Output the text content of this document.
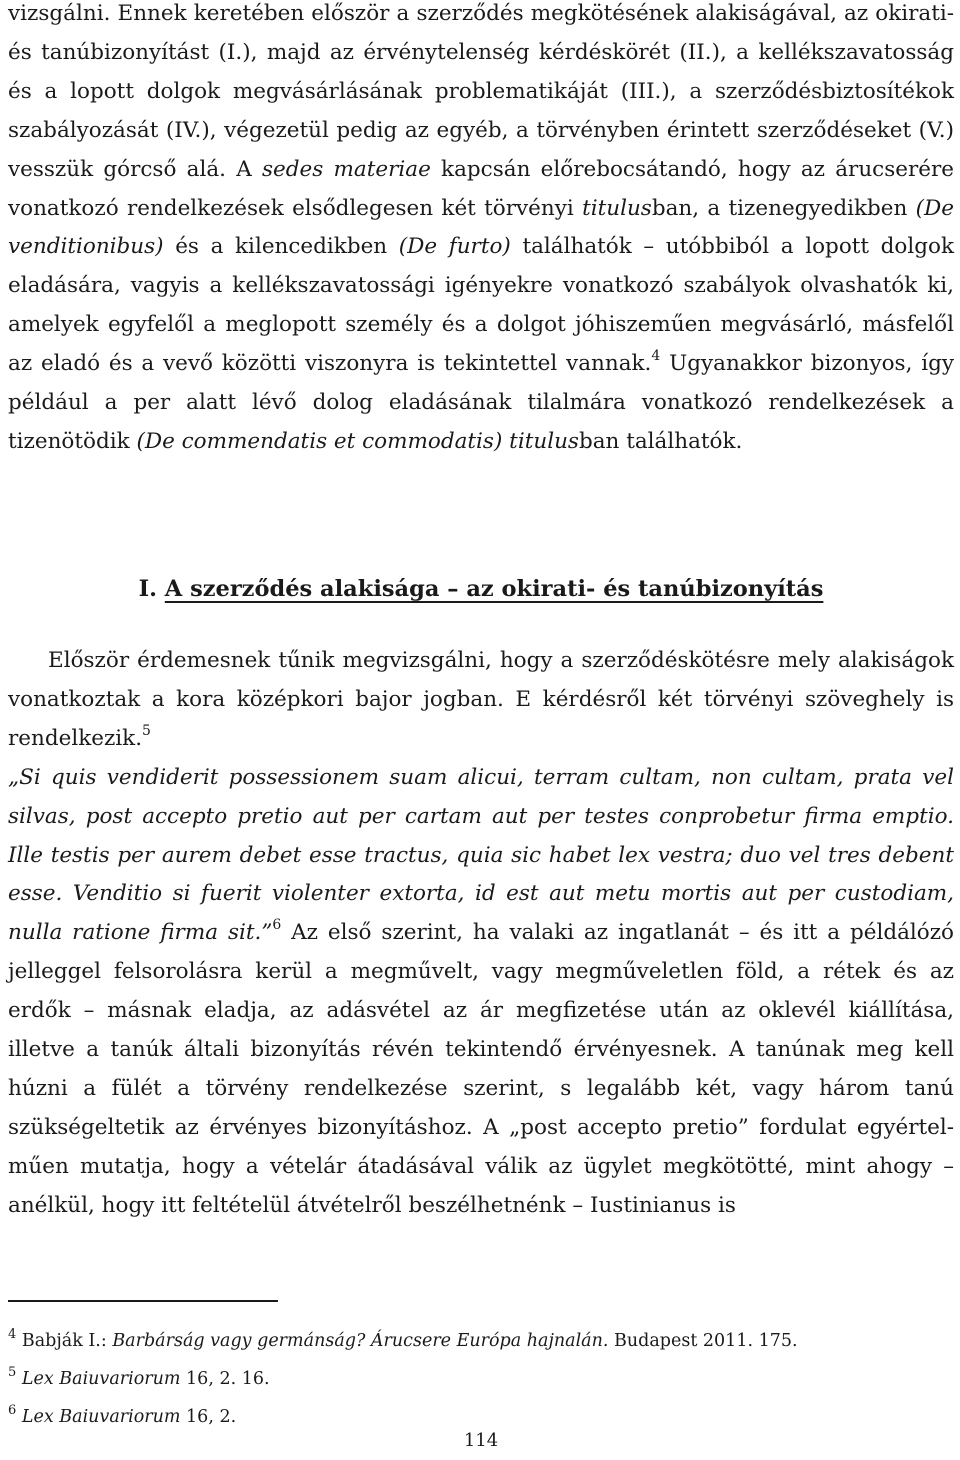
vizsgálni. Ennek keretében először a szerződés megkötésének alakiságával, az okirati- és tanúbizonyítást (I.), majd az érvénytelenség kérdéskörét (II.), a kellékszavatosság és a lopott dolgok megvásárlásának problematikáját (III.), a szerződésbiztosítékok szabályozását (IV.), végezetül pedig az egyéb, a törvényben érintett szerződéseket (V.) vesszük górcső alá. A sedes materiae kapcsán előrebocsátandó, hogy az árucserére vonatkozó rendelkezések elsődlegesen két törvényi titulusban, a tizenegyedikben (De venditionibus) és a kilencedikben (De furto) találhatók – utóbbiból a lopott dolgok eladására, vagyis a kellékszavatossági igényekre vonatkozó szabályok olvashatók ki, amelyek egyfelől a meglopott személy és a dolgot jóhiszeműen megvásárló, másfelől az eladó és a vevő közötti viszonyra is tekintettel vannak.$^4$ Ugyanakkor bizonyos, így például a per alatt lévő dolog eladásának tilalmára vonatkozó rendelkezések a tizenötödik (De commendatis et commodatis) titulusban találhatók.

I. A szerződés alakisága – az okirati- és tanúbizonyítás

Először érdemesnek tűnik megvizsgálni, hogy a szerződéskötésre mely alakiságok vonatkoztak a kora középkori bajor jogban. E kérdésről két törvényi szöveghely is rendelkezik.$^5$
„Si quis vendiderit possessionem suam alicui, terram cultam, non cultam, prata vel silvas, post accepto pretio aut per cartam aut per testes conprobetur firma emptio. Ille testis per aurem debet esse tractus, quia sic habet lex vestra; duo vel tres debent esse. Venditio si fuerit violenter extorta, id est aut metu mortis aut per custodiam, nulla ratione firma sit.”$^6$ Az első szerint, ha valaki az ingatlanát – és itt a példálózó jelleggel felsorolásra kerül a megművelt, vagy megműveletlen föld, a rétek és az erdők – másnak eladja, az adásvétel az ár megfizetése után az oklevél kiállítása, illetve a tanúk általi bizonyítás révén tekintendő érvényesnek. A tanúnak meg kell húzni a fülét a törvény rendelkezése szerint, s legalább két, vagy három tanú szükségeltetik az érvényes bizonyításhoz. A „post accepto pretio” fordulat egyértelműen mutatja, hogy a vételár átadásával válik az ügylet megkötötté, mint ahogy – anélkül, hogy itt feltételül átvételről beszélhetnénk – Iustinianus is

$^4$ Babják I.: Barbárság vagy germánság? Árucsere Európa hajnalán. Budapest 2011. 175.

$^5$ Lex Baiuvariorum 16, 2. 16.

$^6$ Lex Baiuvariorum 16, 2.

114
